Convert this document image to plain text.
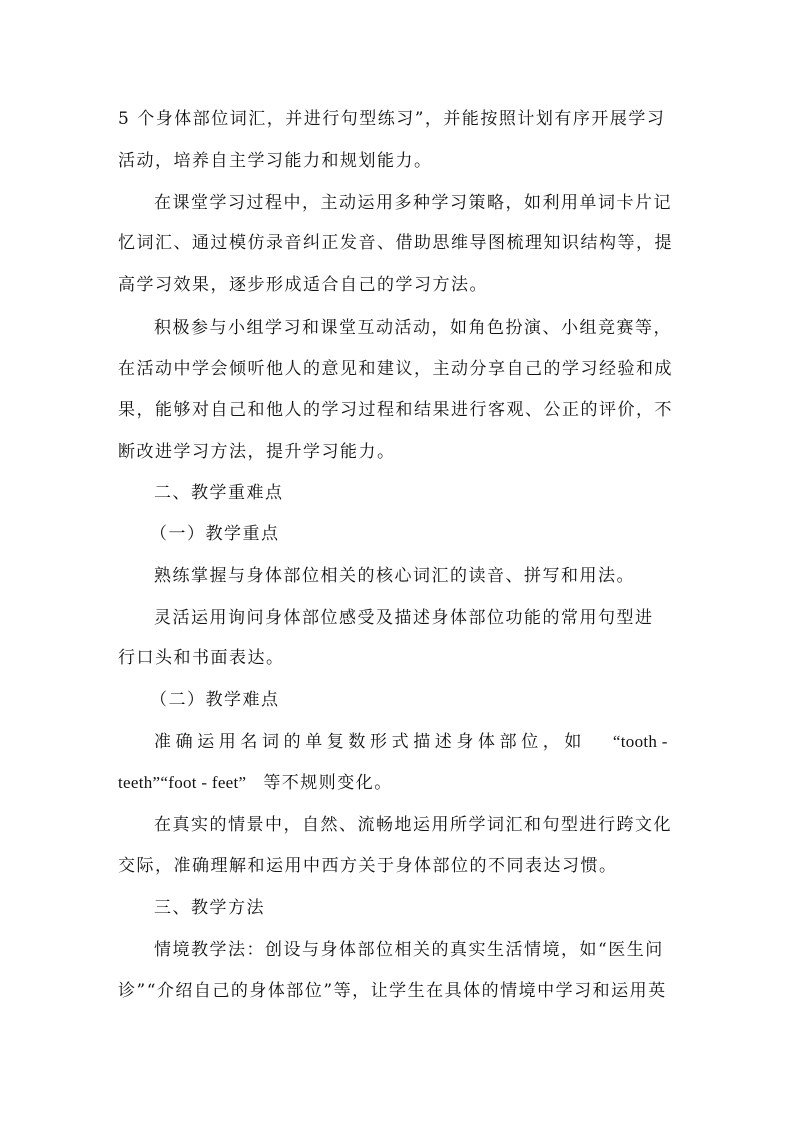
5 个身体部位词汇，并进行句型练习”，并能按照计划有序开展学习
活动，培养自主学习能力和规划能力。
在课堂学习过程中，主动运用多种学习策略，如利用单词卡片记
忆词汇、通过模仿录音纠正发音、借助思维导图梳理知识结构等，提
高学习效果，逐步形成适合自己的学习方法。
积极参与小组学习和课堂互动活动，如角色扮演、小组竞赛等，
在活动中学会倾听他人的意见和建议，主动分享自己的学习经验和成
果，能够对自己和他人的学习过程和结果进行客观、公正的评价，不
断改进学习方法，提升学习能力。
二、教学重难点
（一）教学重点
熟练掌握与身体部位相关的核心词汇的读音、拼写和用法。
灵活运用询问身体部位感受及描述身体部位功能的常用句型进
行口头和书面表达。
（二）教学难点
准确运用名词的单复数形式描述身体部位，如 “tooth -
teeth”“foot - feet” 等不规则变化。
在真实的情景中，自然、流畅地运用所学词汇和句型进行跨文化
交际，准确理解和运用中西方关于身体部位的不同表达习惯。
三、教学方法
情境教学法：创设与身体部位相关的真实生活情境，如“医生问
诊”“介绍自己的身体部位”等，让学生在具体的情境中学习和运用英
